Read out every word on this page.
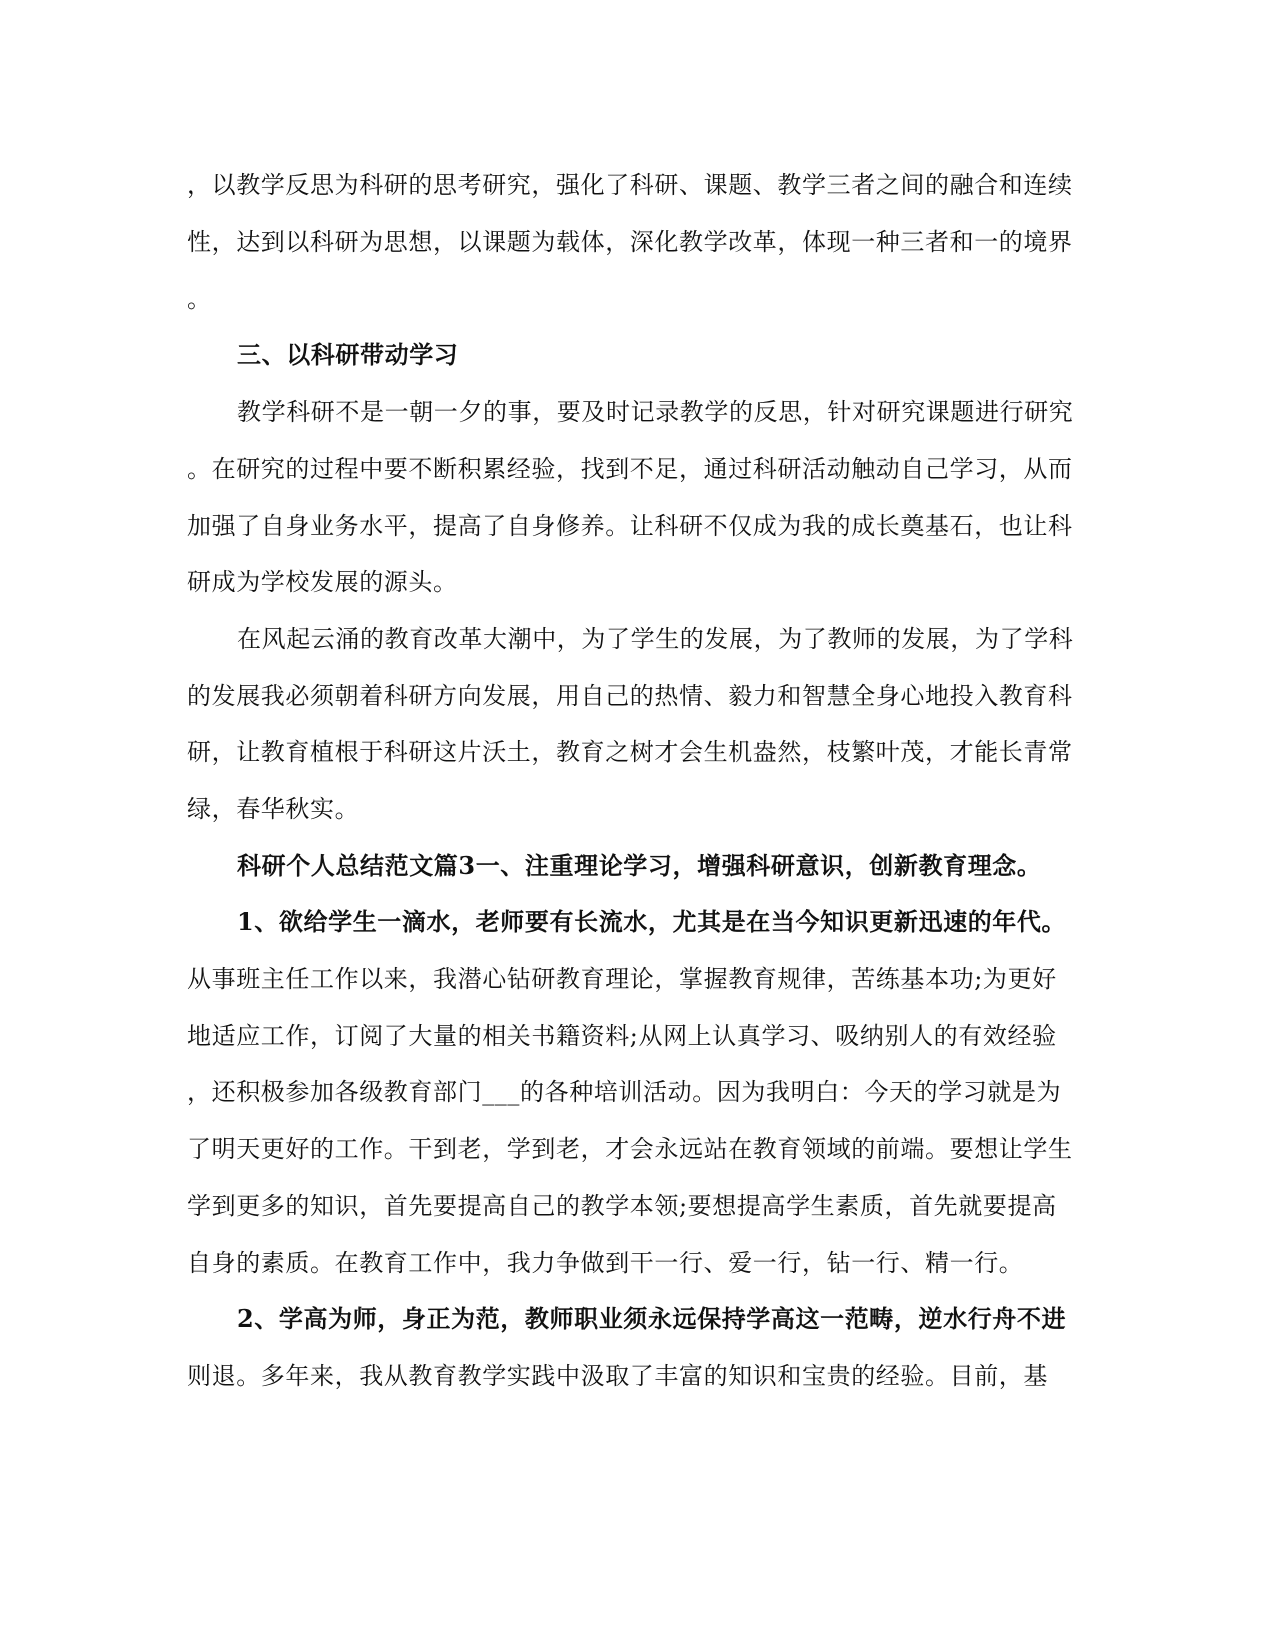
，以教学反思为科研的思考研究，强化了科研、课题、教学三者之间的融合和连续
性，达到以科研为思想，以课题为载体，深化教学改革，体现一种三者和一的境界
。
三、以科研带动学习
教学科研不是一朝一夕的事，要及时记录教学的反思，针对研究课题进行研究
。在研究的过程中要不断积累经验，找到不足，通过科研活动触动自己学习，从而
加强了自身业务水平，提高了自身修养。让科研不仅成为我的成长奠基石，也让科
研成为学校发展的源头。
在风起云涌的教育改革大潮中，为了学生的发展，为了教师的发展，为了学科
的发展我必须朝着科研方向发展，用自己的热情、毅力和智慧全身心地投入教育科
研，让教育植根于科研这片沃土，教育之树才会生机盎然，枝繁叶茂，才能长青常
绿，春华秋实。
科研个人总结范文篇3一、注重理论学习，增强科研意识，创新教育理念。
1、欲给学生一滴水，老师要有长流水，尤其是在当今知识更新迅速的年代。
从事班主任工作以来，我潜心钻研教育理论，掌握教育规律，苦练基本功;为更好
地适应工作，订阅了大量的相关书籍资料;从网上认真学习、吸纳别人的有效经验
，还积极参加各级教育部门___的各种培训活动。因为我明白：今天的学习就是为
了明天更好的工作。干到老，学到老，才会永远站在教育领域的前端。要想让学生
学到更多的知识，首先要提高自己的教学本领;要想提高学生素质，首先就要提高
自身的素质。在教育工作中，我力争做到干一行、爱一行，钻一行、精一行。
2、学高为师，身正为范，教师职业须永远保持学高这一范畴，逆水行舟不进
则退。多年来，我从教育教学实践中汲取了丰富的知识和宝贵的经验。目前，基
